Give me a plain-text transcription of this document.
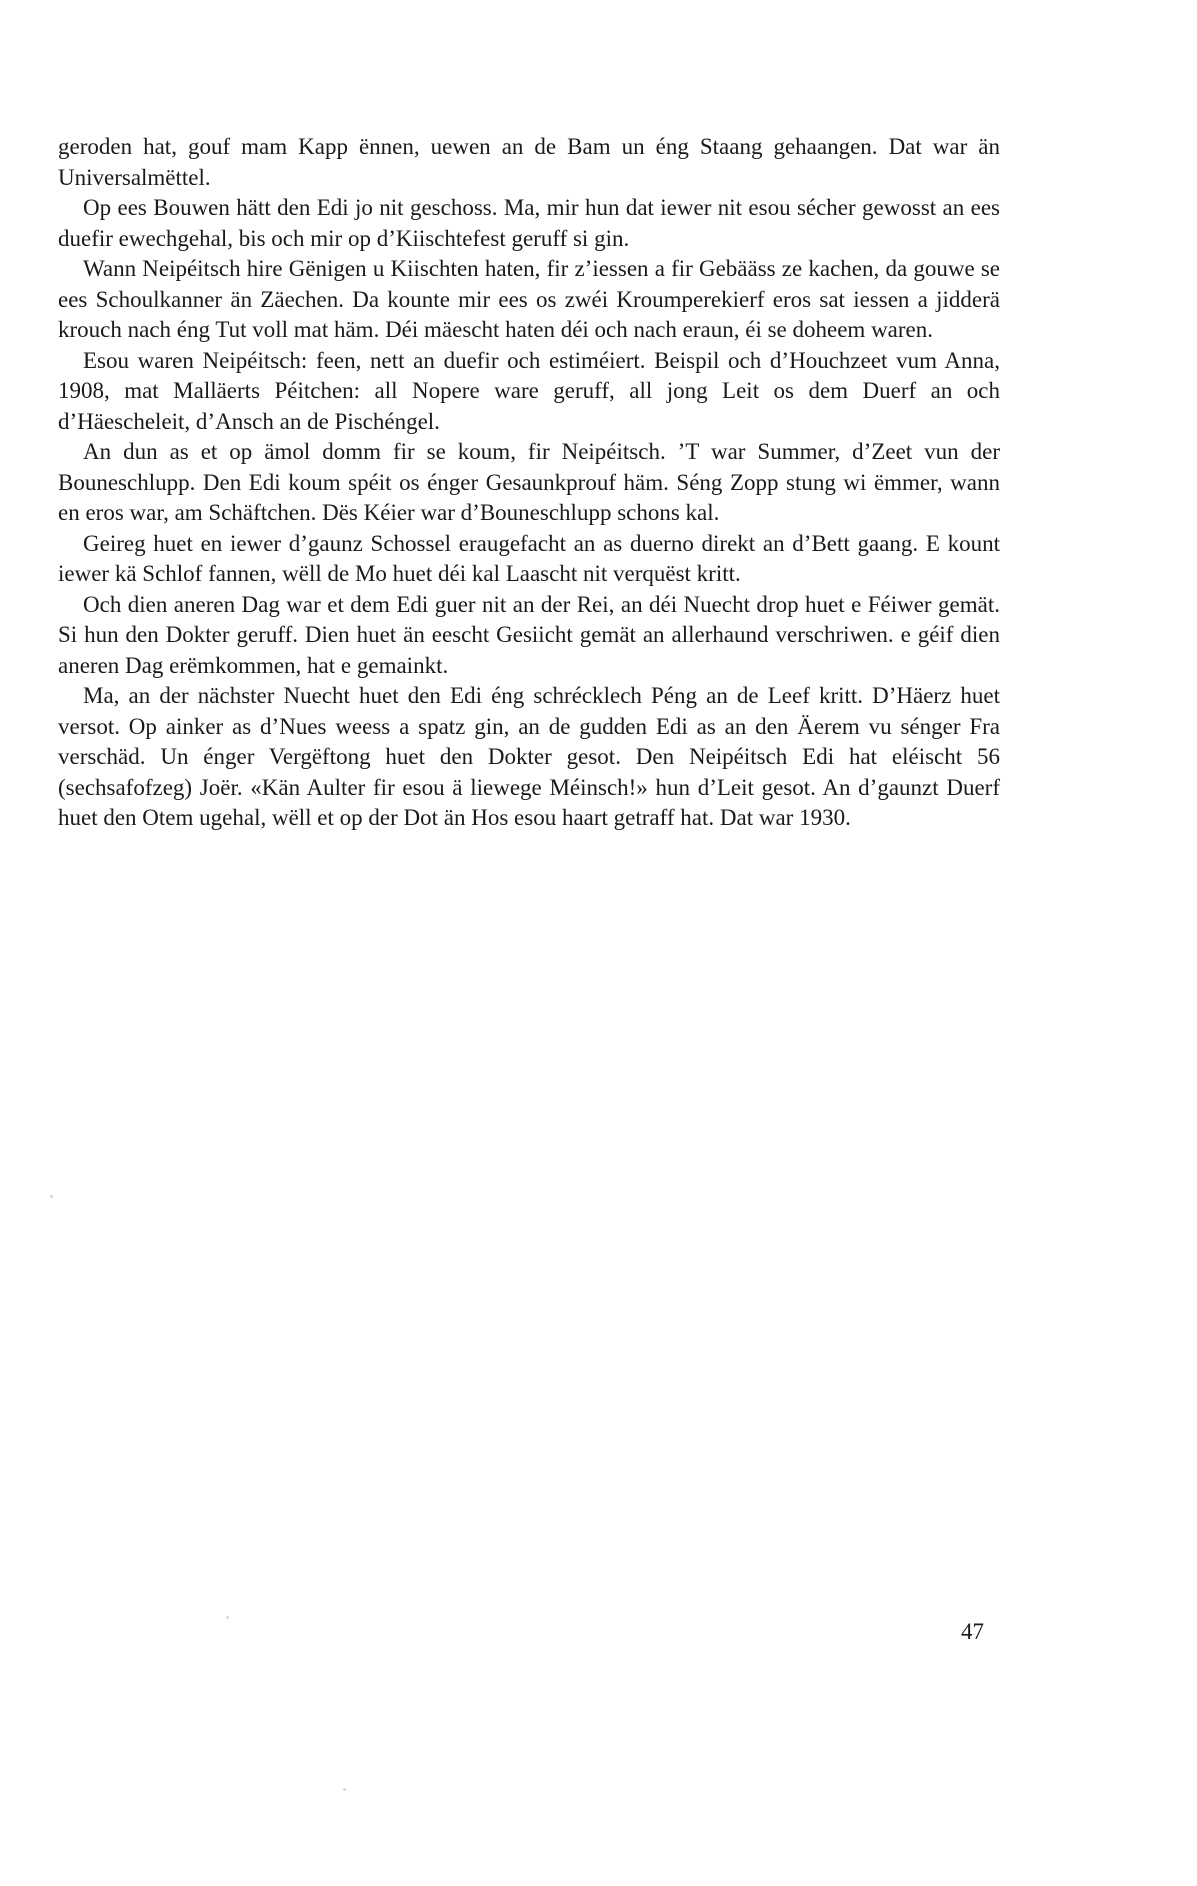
geroden hat, gouf mam Kapp ënnen, uewen an de Bam un éng Staang gehaangen. Dat war än Universalmëttel.

Op ees Bouwen hätt den Edi jo nit geschoss. Ma, mir hun dat iewer nit esou sécher gewosst an ees duefir ewechgehal, bis och mir op d’Kiischtefest geruff si gin.

Wann Neipéitsch hire Gënigen u Kiischten haten, fir z’iessen a fir Gebääss ze kachen, da gouwe se ees Schoulkanner än Zäechen. Da kounte mir ees os zwéi Kroumperekierf eros sat iessen a jidderä krouch nach éng Tut voll mat häm. Déi mäescht haten déi och nach eraun, éi se doheem waren.

Esou waren Neipéitsch: feen, nett an duefir och estiméiert. Beispil och d’Houchzeet vum Anna, 1908, mat Malläerts Péitchen: all Nopere ware geruff, all jong Leit os dem Duerf an och d’Häescheleit, d’Ansch an de Pischéngel.

An dun as et op ämol domm fir se koum, fir Neipéitsch. ’T war Summer, d’Zeet vun der Bouneschlupp. Den Edi koum spéit os énger Gesaunkprouf häm. Séng Zopp stung wi ëmmer, wann en eros war, am Schäftchen. Dës Kéier war d’Bouneschlupp schons kal.

Geireg huet en iewer d’gaunz Schossel eraugefacht an as duerno direkt an d’Bett gaang. E kount iewer kä Schlof fannen, wëll de Mo huet déi kal Laascht nit verquëst kritt.

Och dien aneren Dag war et dem Edi guer nit an der Rei, an déi Nuecht drop huet e Féiwer gemät. Si hun den Dokter geruff. Dien huet än eescht Gesiicht gemät an allerhaund verschriwen. e géif dien aneren Dag erëmkommen, hat e gemainkt.

Ma, an der nächster Nuecht huet den Edi éng schrécklech Péng an de Leef kritt. D’Häerz huet versot. Op ainker as d’Nues weess a spatz gin, an de gudden Edi as an den Äerem vu sénger Fra verschäd. Un énger Vergëftong huet den Dokter gesot. Den Neipéitsch Edi hat eléischt 56 (sechsafofzeg) Joër. «Kän Aulter fir esou ä liewege Méinsch!» hun d’Leit gesot. An d’gaunzt Duerf huet den Otem ugehal, wëll et op der Dot än Hos esou haart getraff hat. Dat war 1930.

47
